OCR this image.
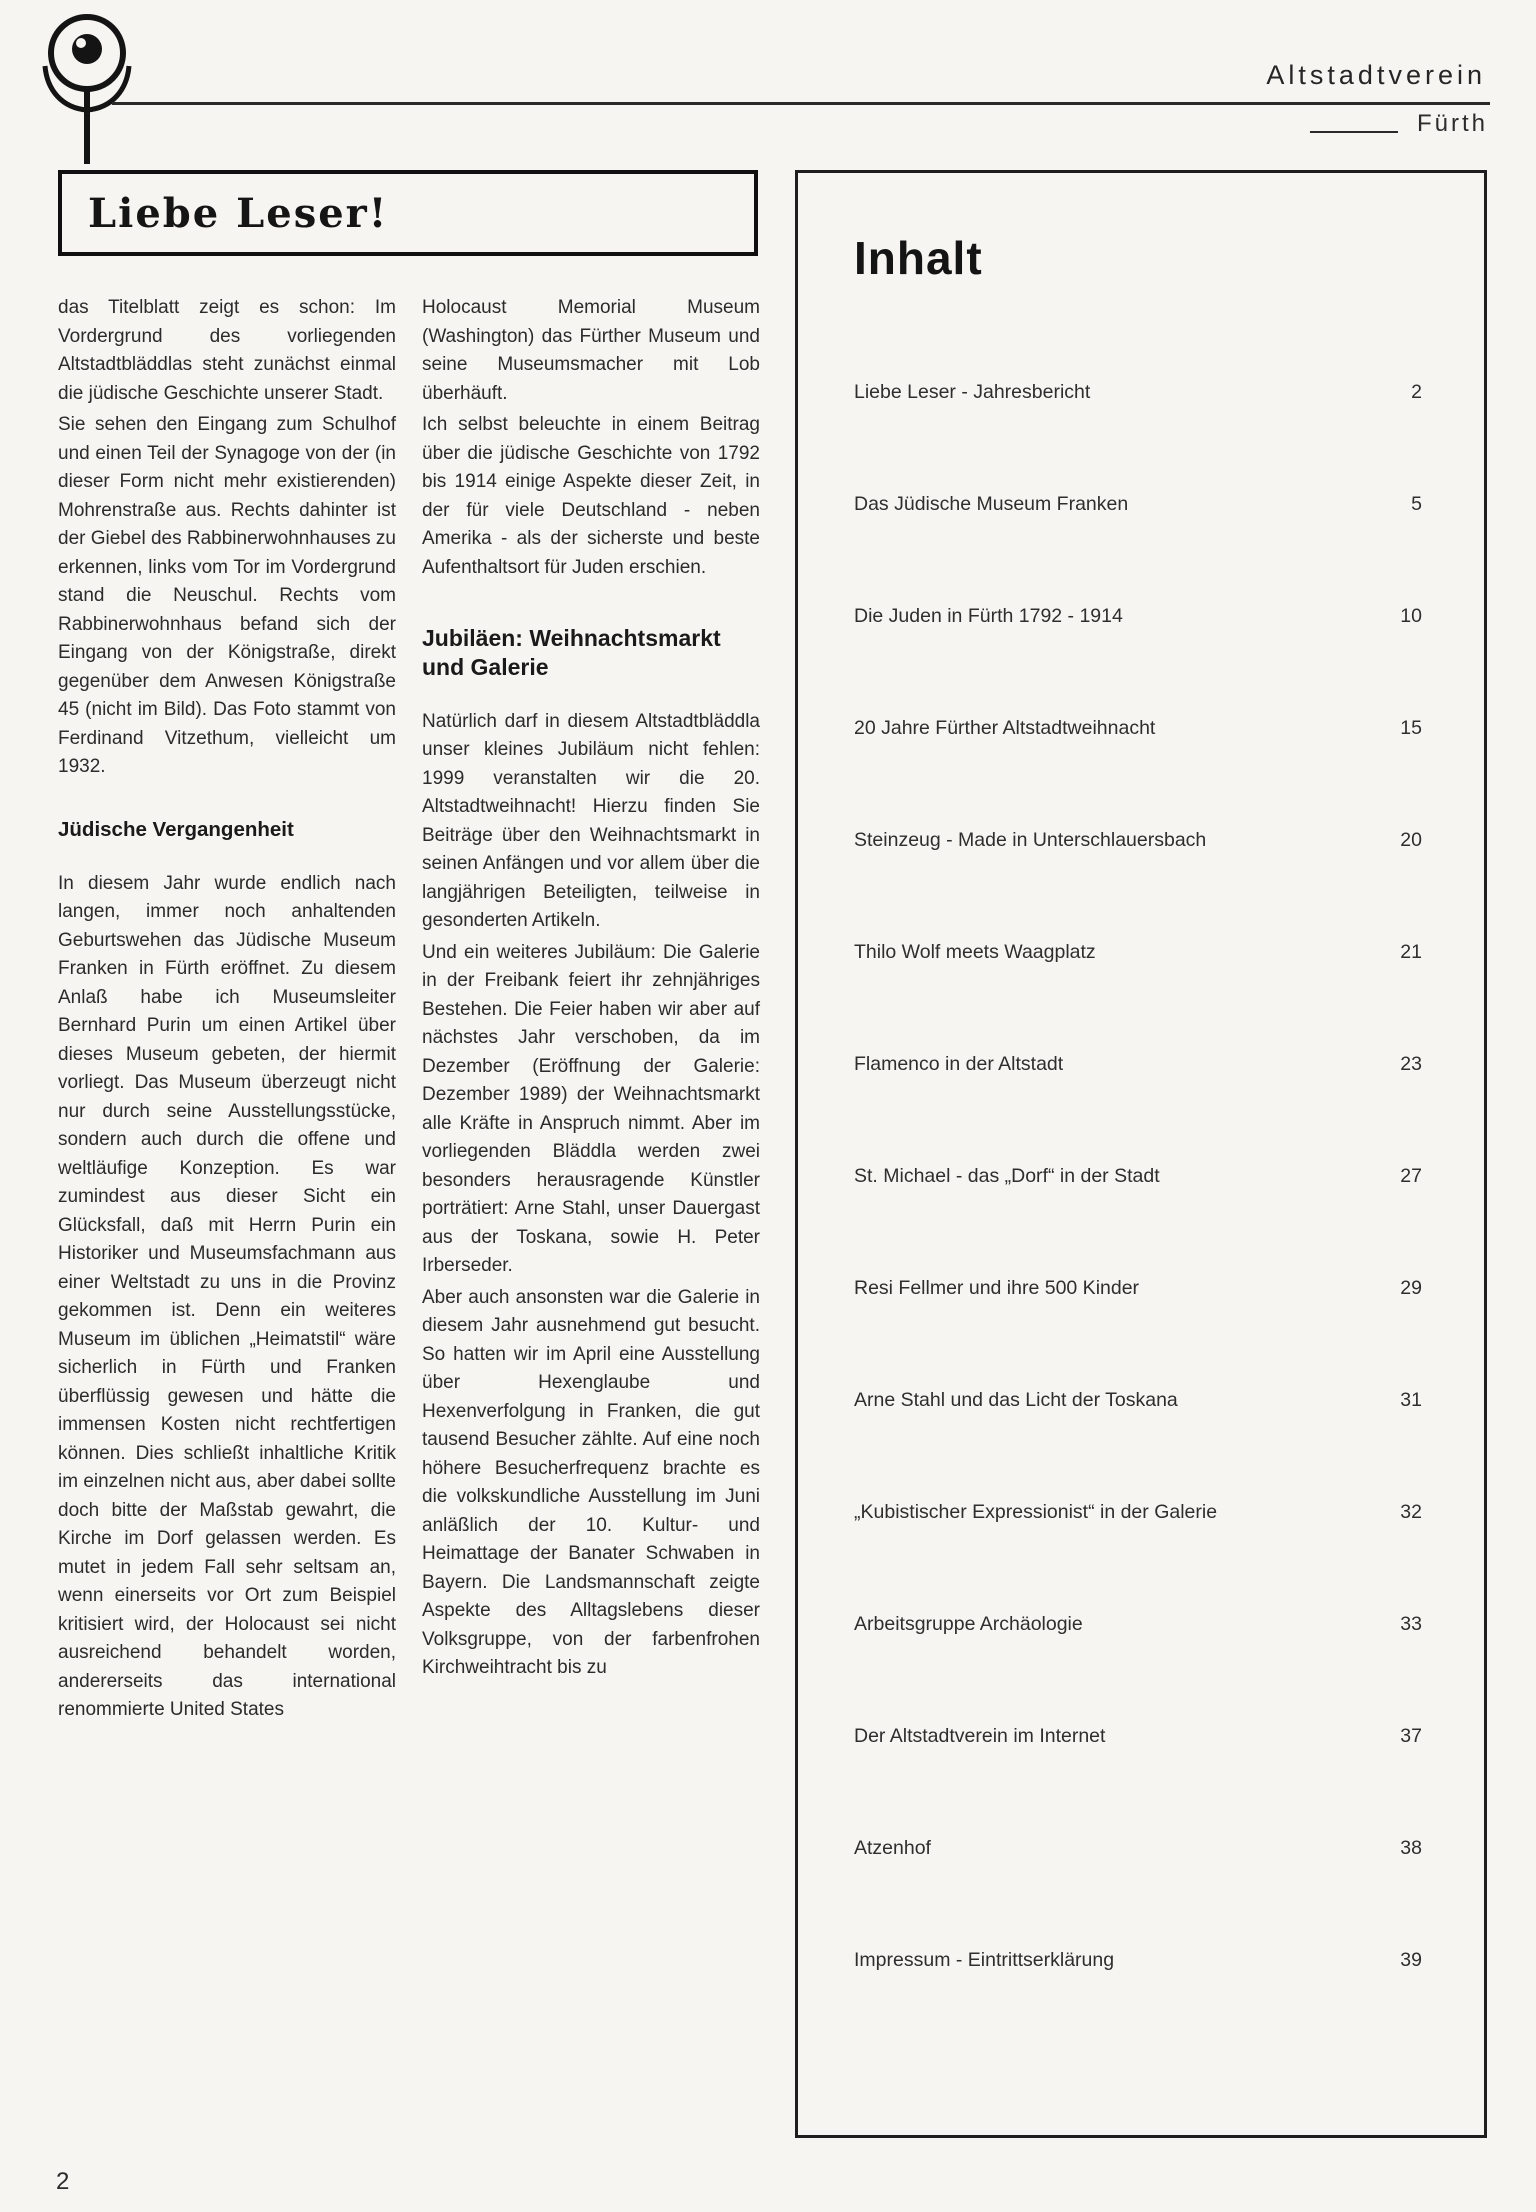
Altstadtverein
Fürth
Liebe Leser!

das Titelblatt zeigt es schon: Im Vordergrund des vorliegenden Altstadtbläddlas steht zunächst einmal die jüdische Geschichte unserer Stadt.

Sie sehen den Eingang zum Schulhof und einen Teil der Synagoge von der (in dieser Form nicht mehr existierenden) Mohrenstraße aus. Rechts dahinter ist der Giebel des Rabbinerwohnhauses zu erkennen, links vom Tor im Vordergrund stand die Neuschul. Rechts vom Rabbinerwohnhaus befand sich der Eingang von der Königstraße, direkt gegenüber dem Anwesen Königstraße 45 (nicht im Bild). Das Foto stammt von Ferdinand Vitzethum, vielleicht um 1932.

Jüdische Vergangenheit

In diesem Jahr wurde endlich nach langen, immer noch anhaltenden Geburtswehen das Jüdische Museum Franken in Fürth eröffnet. Zu diesem Anlaß habe ich Museumsleiter Bernhard Purin um einen Artikel über dieses Museum gebeten, der hiermit vorliegt. Das Museum überzeugt nicht nur durch seine Ausstellungsstücke, sondern auch durch die offene und weltläufige Konzeption. Es war zumindest aus dieser Sicht ein Glücksfall, daß mit Herrn Purin ein Historiker und Museumsfachmann aus einer Weltstadt zu uns in die Provinz gekommen ist. Denn ein weiteres Museum im üblichen „Heimatstil“ wäre sicherlich in Fürth und Franken überflüssig gewesen und hätte die immensen Kosten nicht rechtfertigen können. Dies schließt inhaltliche Kritik im einzelnen nicht aus, aber dabei sollte doch bitte der Maßstab gewahrt, die Kirche im Dorf gelassen werden. Es mutet in jedem Fall sehr seltsam an, wenn einerseits vor Ort zum Beispiel kritisiert wird, der Holocaust sei nicht ausreichend behandelt worden, andererseits das international renommierte United States

Holocaust Memorial Museum (Washington) das Fürther Museum und seine Museumsmacher mit Lob überhäuft.

Ich selbst beleuchte in einem Beitrag über die jüdische Geschichte von 1792 bis 1914 einige Aspekte dieser Zeit, in der für viele Deutschland - neben Amerika - als der sicherste und beste Aufenthaltsort für Juden erschien.

Jubiläen: Weihnachtsmarkt und Galerie

Natürlich darf in diesem Altstadtbläddla unser kleines Jubiläum nicht fehlen: 1999 veranstalten wir die 20. Altstadtweihnacht! Hierzu finden Sie Beiträge über den Weihnachtsmarkt in seinen Anfängen und vor allem über die langjährigen Beteiligten, teilweise in gesonderten Artikeln.

Und ein weiteres Jubiläum: Die Galerie in der Freibank feiert ihr zehnjähriges Bestehen. Die Feier haben wir aber auf nächstes Jahr verschoben, da im Dezember (Eröffnung der Galerie: Dezember 1989) der Weihnachtsmarkt alle Kräfte in Anspruch nimmt. Aber im vorliegenden Bläddla werden zwei besonders herausragende Künstler porträtiert: Arne Stahl, unser Dauergast aus der Toskana, sowie H. Peter Irberseder.

Aber auch ansonsten war die Galerie in diesem Jahr ausnehmend gut besucht. So hatten wir im April eine Ausstellung über Hexenglaube und Hexenverfolgung in Franken, die gut tausend Besucher zählte. Auf eine noch höhere Besucherfrequenz brachte es die volkskundliche Ausstellung im Juni anläßlich der 10. Kultur- und Heimattage der Banater Schwaben in Bayern. Die Landsmannschaft zeigte Aspekte des Alltagslebens dieser Volksgruppe, von der farbenfrohen Kirchweihtracht bis zu

Inhalt
Liebe Leser - Jahresbericht	2
Das Jüdische Museum Franken	5
Die Juden in Fürth 1792 - 1914	10
20 Jahre Fürther Altstadtweihnacht	15
Steinzeug - Made in Unterschlauersbach	20
Thilo Wolf meets Waagplatz	21
Flamenco in der Altstadt	23
St. Michael - das „Dorf“ in der Stadt	27
Resi Fellmer und ihre 500 Kinder	29
Arne Stahl und das Licht der Toskana	31
„Kubistischer Expressionist“ in der Galerie	32
Arbeitsgruppe Archäologie	33
Der Altstadtverein im Internet	37
Atzenhof	38
Impressum - Eintrittserklärung	39
2
